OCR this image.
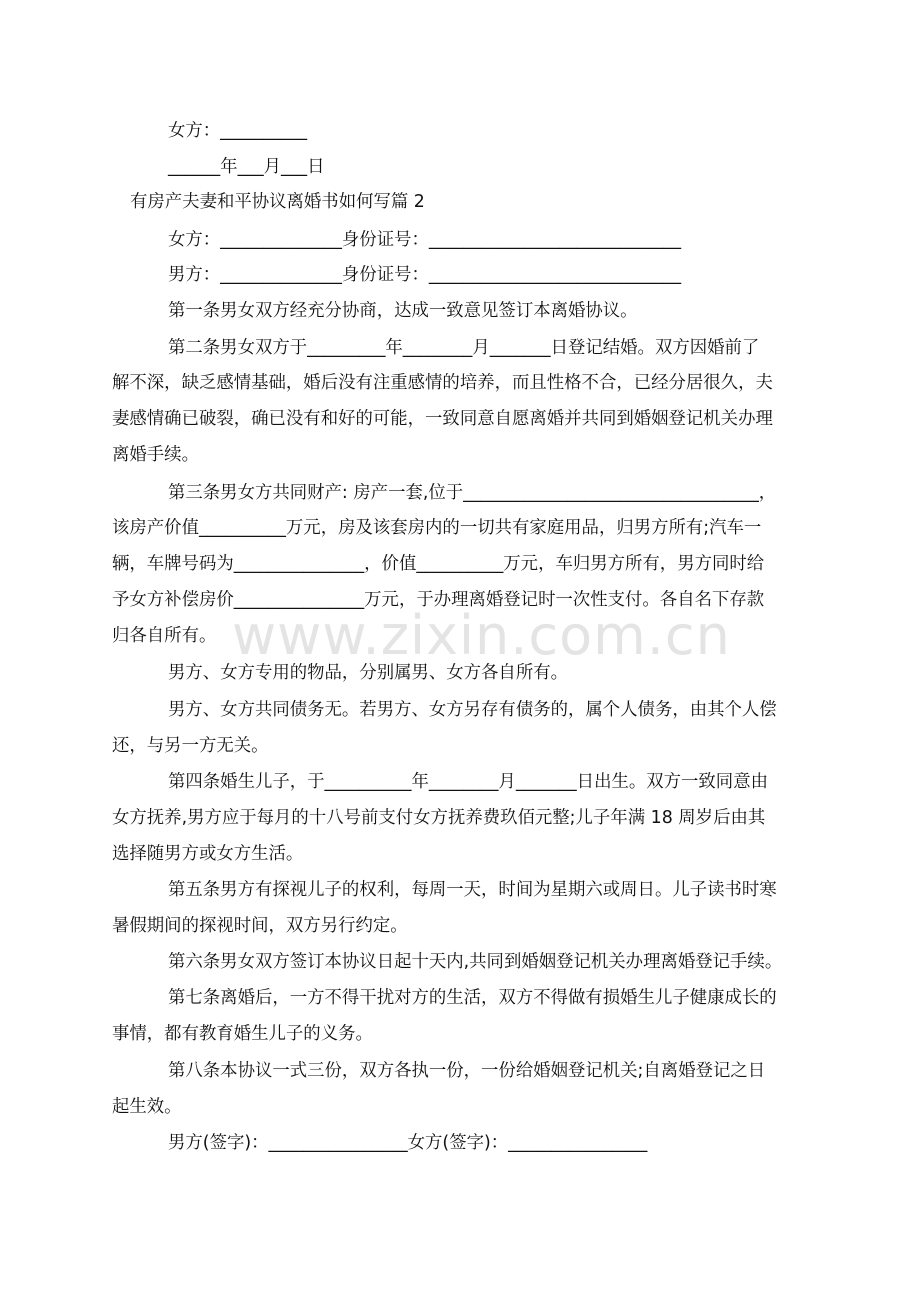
www.zixin.com.cn
女方：__________
______年___月___日
有房产夫妻和平协议离婚书如何写篇 2
女方：______________身份证号：_____________________________
男方：______________身份证号：_____________________________
第一条男女双方经充分协商，达成一致意见签订本离婚协议。
第二条男女双方于_________年________月_______日登记结婚。双方因婚前了
解不深，缺乏感情基础，婚后没有注重感情的培养，而且性格不合，已经分居很久，夫
妻感情确已破裂，确已没有和好的可能，一致同意自愿离婚并共同到婚姻登记机关办理
离婚手续。
第三条男女方共同财产: 房产一套,位于__________________________________，
该房产价值__________万元，房及该套房内的一切共有家庭用品，归男方所有;汽车一
辆，车牌号码为_______________，价值__________万元，车归男方所有，男方同时给
予女方补偿房价_______________万元，于办理离婚登记时一次性支付。各自名下存款
归各自所有。
男方、女方专用的物品，分别属男、女方各自所有。
男方、女方共同债务无。若男方、女方另存有债务的，属个人债务，由其个人偿
还，与另一方无关。
第四条婚生儿子，于__________年________月_______日出生。双方一致同意由
女方抚养,男方应于每月的十八号前支付女方抚养费玖佰元整;儿子年满 18 周岁后由其
选择随男方或女方生活。
第五条男方有探视儿子的权利，每周一天，时间为星期六或周日。儿子读书时寒
暑假期间的探视时间，双方另行约定。
第六条男女双方签订本协议日起十天内,共同到婚姻登记机关办理离婚登记手续。
第七条离婚后，一方不得干扰对方的生活，双方不得做有损婚生儿子健康成长的
事情，都有教育婚生儿子的义务。
第八条本协议一式三份，双方各执一份，一份给婚姻登记机关;自离婚登记之日
起生效。
男方(签字)：________________女方(签字)：________________
